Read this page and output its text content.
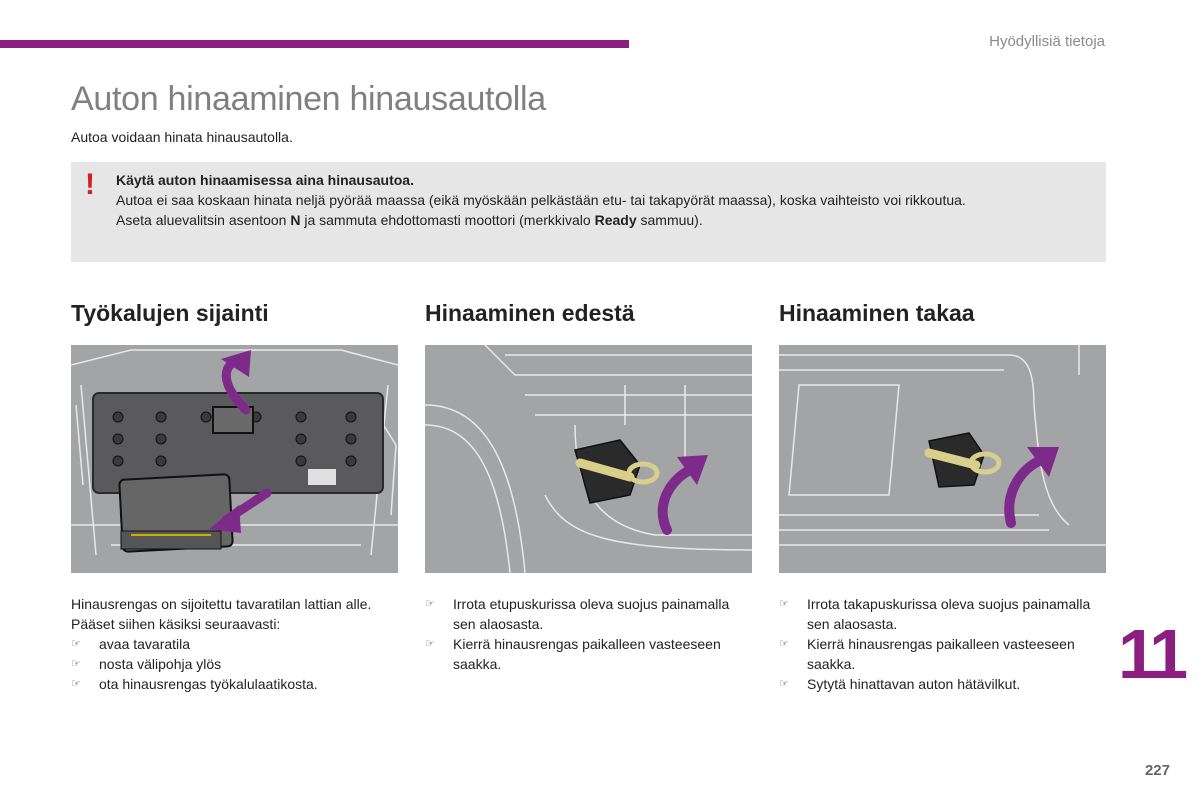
Hyödyllisiä tietoja
Auton hinaaminen hinausautolla
Autoa voidaan hinata hinausautolla.
! Käytä auton hinaamisessa aina hinausautoa.
Autoa ei saa koskaan hinata neljä pyörää maassa (eikä myöskään pelkästään etu- tai takapyörät maassa), koska vaihteisto voi rikkoutua.
Aseta aluevalitsin asentoon N ja sammuta ehdottomasti moottori (merkkivalo Ready sammuu).
Työkalujen sijainti

Hinausrengas on sijoitettu tavaratilan lattian alle.

Pääset siihen käsiksi seuraavasti:

☞ avaa tavaratila
☞ nosta välipohja ylös
☞ ota hinausrengas työkalulaatikosta.
Hinaaminen edestä
☞ Irrota etupuskurissa oleva suojus painamalla sen alaosasta.
☞ Kierrä hinausrengas paikalleen vasteeseen saakka.
Hinaaminen takaa
☞ Irrota takapuskurissa oleva suojus painamalla sen alaosasta.
☞ Kierrä hinausrengas paikalleen vasteeseen saakka.
☞ Sytytä hinattavan auton hätävilkut.	11
227
